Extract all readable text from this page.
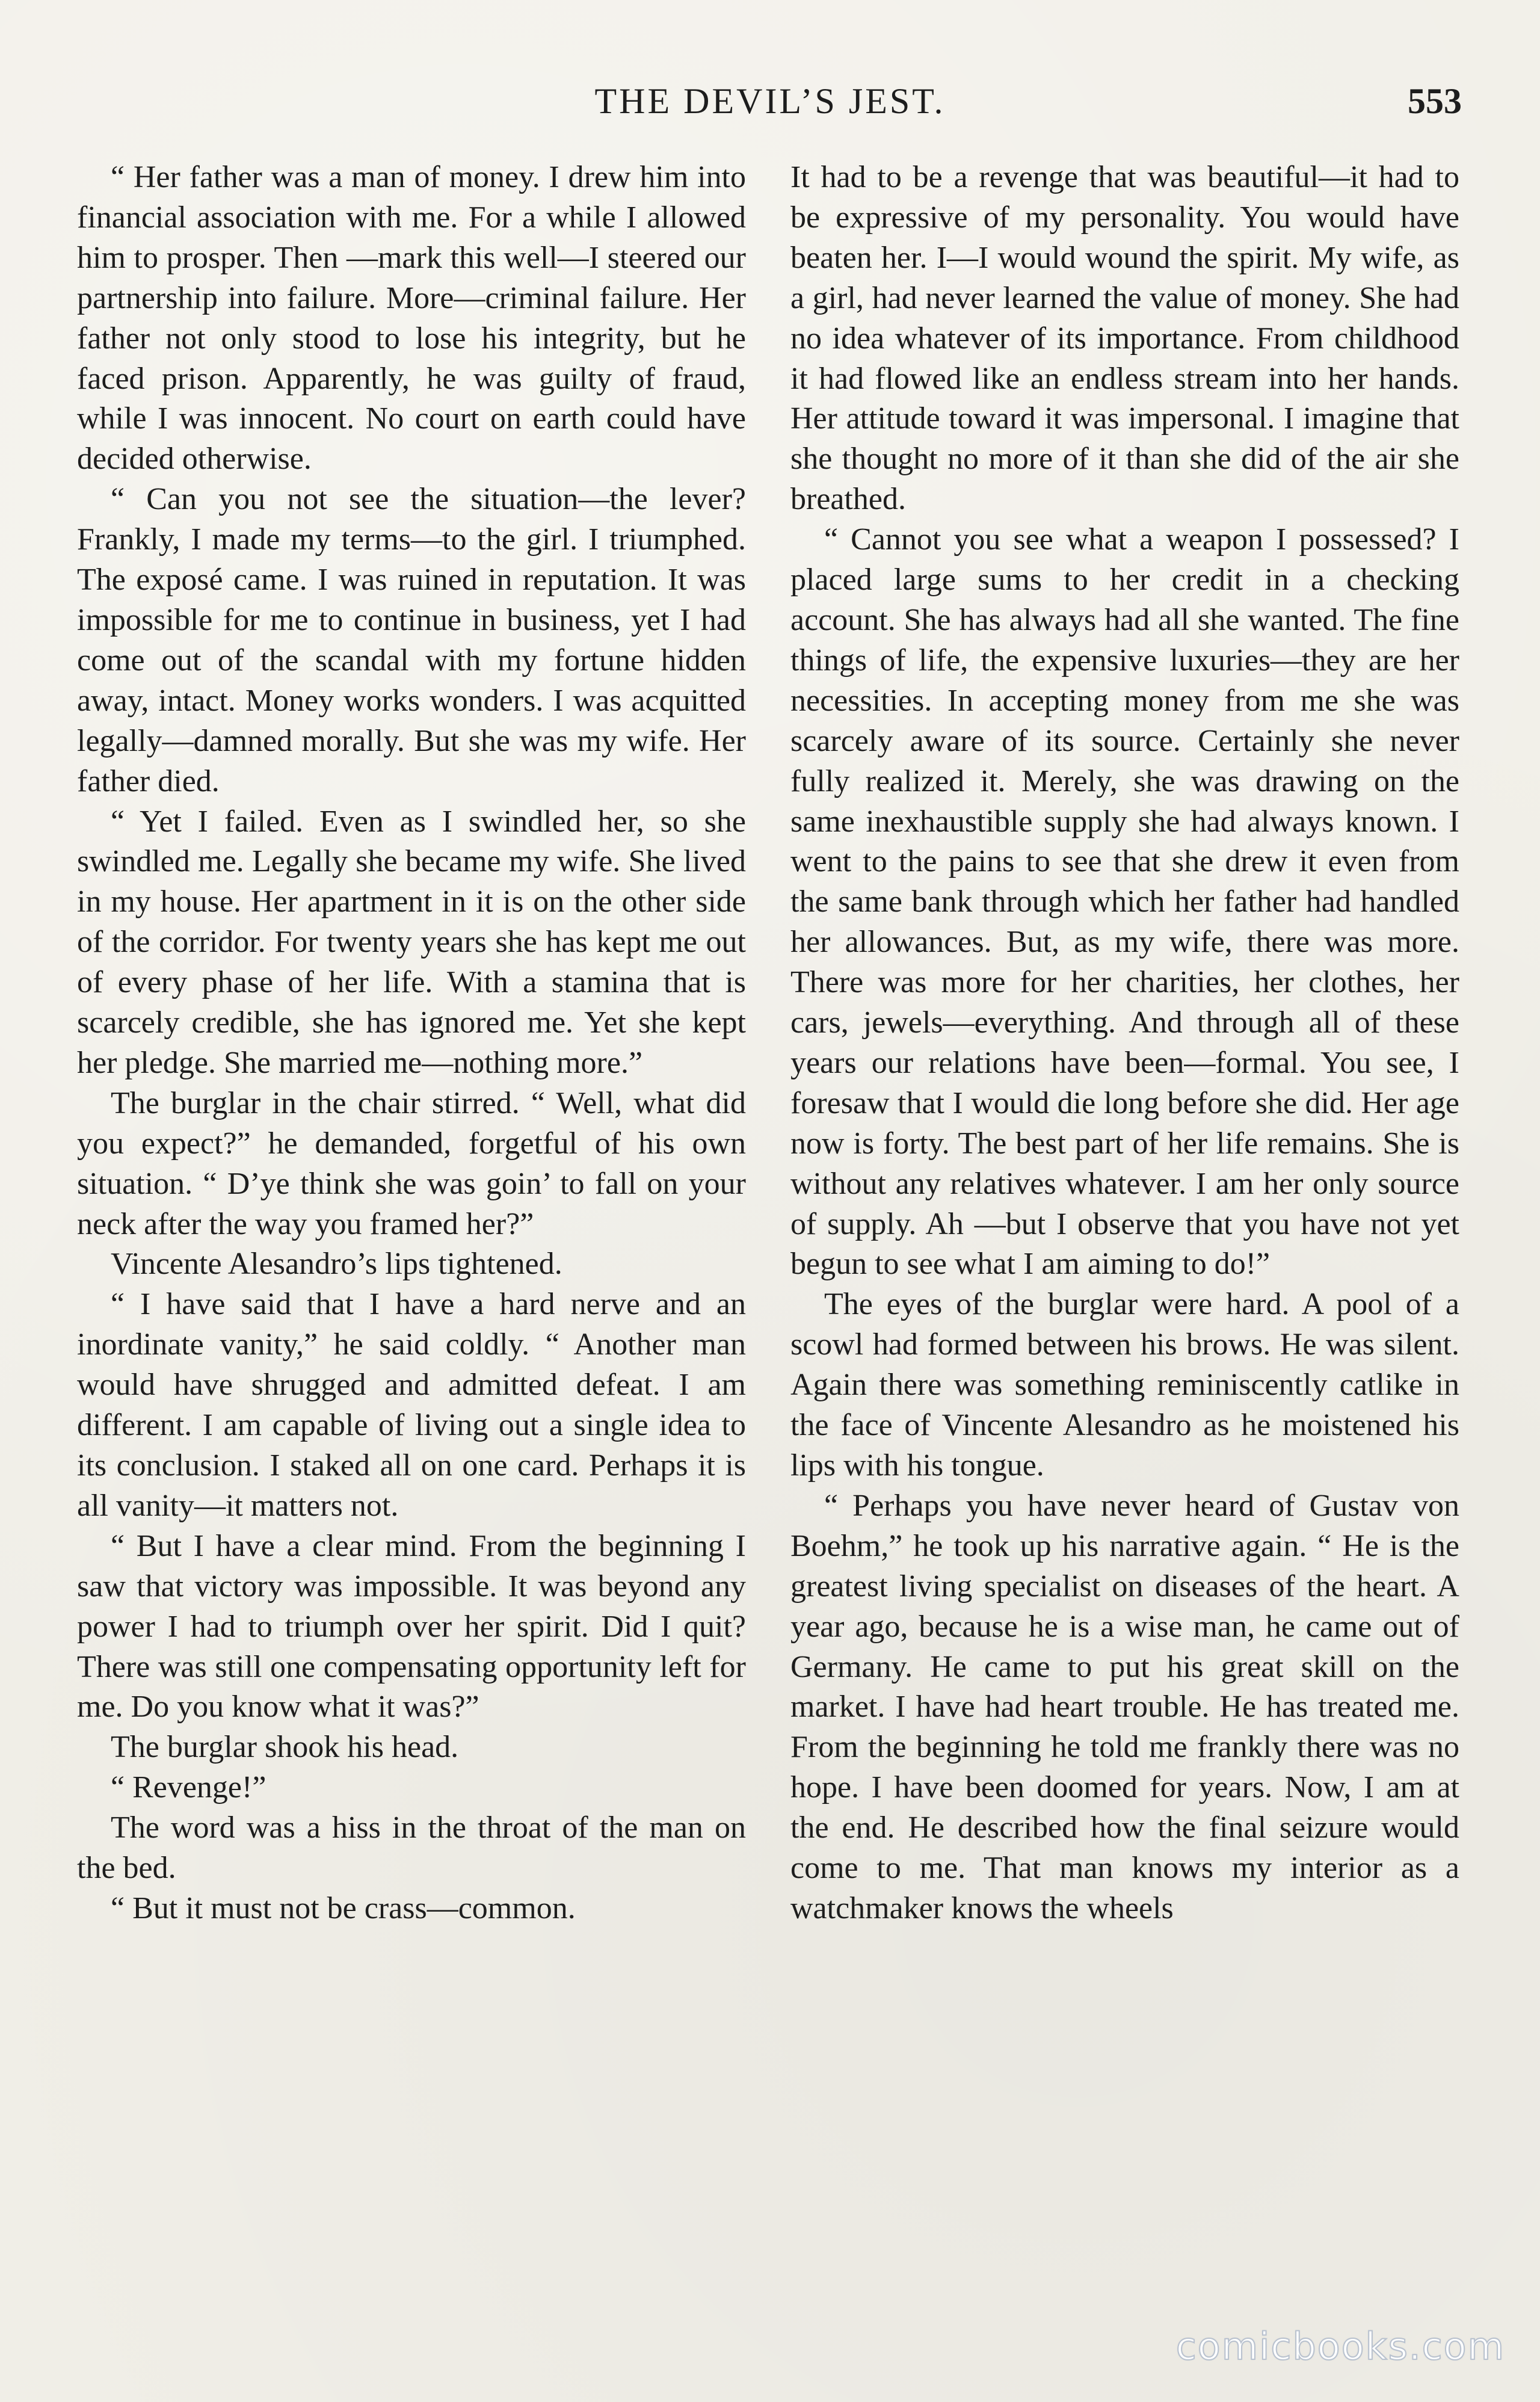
THE DEVIL’S JEST.	553

“ Her father was a man of money. I drew him into financial association with me. For a while I allowed him to prosper. Then —mark this well—I steered our partnership into failure. More—criminal failure. Her father not only stood to lose his integrity, but he faced prison. Apparently, he was guilty of fraud, while I was innocent. No court on earth could have decided otherwise.

“ Can you not see the situation—the lever? Frankly, I made my terms—to the girl. I triumphed. The exposé came. I was ruined in reputation. It was impossible for me to continue in business, yet I had come out of the scandal with my fortune hidden away, intact. Money works wonders. I was acquitted legally—damned morally. But she was my wife. Her father died.

“ Yet I failed. Even as I swindled her, so she swindled me. Legally she became my wife. She lived in my house. Her apartment in it is on the other side of the corridor. For twenty years she has kept me out of every phase of her life. With a stamina that is scarcely credible, she has ignored me. Yet she kept her pledge. She married me—nothing more.”

The burglar in the chair stirred. “ Well, what did you expect?” he demanded, forgetful of his own situation. “ D’ye think she was goin’ to fall on your neck after the way you framed her?”

Vincente Alesandro’s lips tightened.

“ I have said that I have a hard nerve and an inordinate vanity,” he said coldly. “ Another man would have shrugged and admitted defeat. I am different. I am capable of living out a single idea to its conclusion. I staked all on one card. Perhaps it is all vanity—it matters not.

“ But I have a clear mind. From the beginning I saw that victory was impossible. It was beyond any power I had to triumph over her spirit. Did I quit? There was still one compensating opportunity left for me. Do you know what it was?”

The burglar shook his head.

“ Revenge!”

The word was a hiss in the throat of the man on the bed.

“ But it must not be crass—common.

It had to be a revenge that was beautiful—it had to be expressive of my personality. You would have beaten her. I—I would wound the spirit. My wife, as a girl, had never learned the value of money. She had no idea whatever of its importance. From childhood it had flowed like an endless stream into her hands. Her attitude toward it was impersonal. I imagine that she thought no more of it than she did of the air she breathed.

“ Cannot you see what a weapon I possessed? I placed large sums to her credit in a checking account. She has always had all she wanted. The fine things of life, the expensive luxuries—they are her necessities. In accepting money from me she was scarcely aware of its source. Certainly she never fully realized it. Merely, she was drawing on the same inexhaustible supply she had always known. I went to the pains to see that she drew it even from the same bank through which her father had handled her allowances. But, as my wife, there was more. There was more for her charities, her clothes, her cars, jewels—everything. And through all of these years our relations have been—formal. You see, I foresaw that I would die long before she did. Her age now is forty. The best part of her life remains. She is without any relatives whatever. I am her only source of supply. Ah —but I observe that you have not yet begun to see what I am aiming to do!”

The eyes of the burglar were hard. A pool of a scowl had formed between his brows. He was silent. Again there was something reminiscently catlike in the face of Vincente Alesandro as he moistened his lips with his tongue.

“ Perhaps you have never heard of Gustav von Boehm,” he took up his narrative again. “ He is the greatest living specialist on diseases of the heart. A year ago, because he is a wise man, he came out of Germany. He came to put his great skill on the market. I have had heart trouble. He has treated me. From the beginning he told me frankly there was no hope. I have been doomed for years. Now, I am at the end. He described how the final seizure would come to me. That man knows my interior as a watchmaker knows the wheels

comicbooks.com
